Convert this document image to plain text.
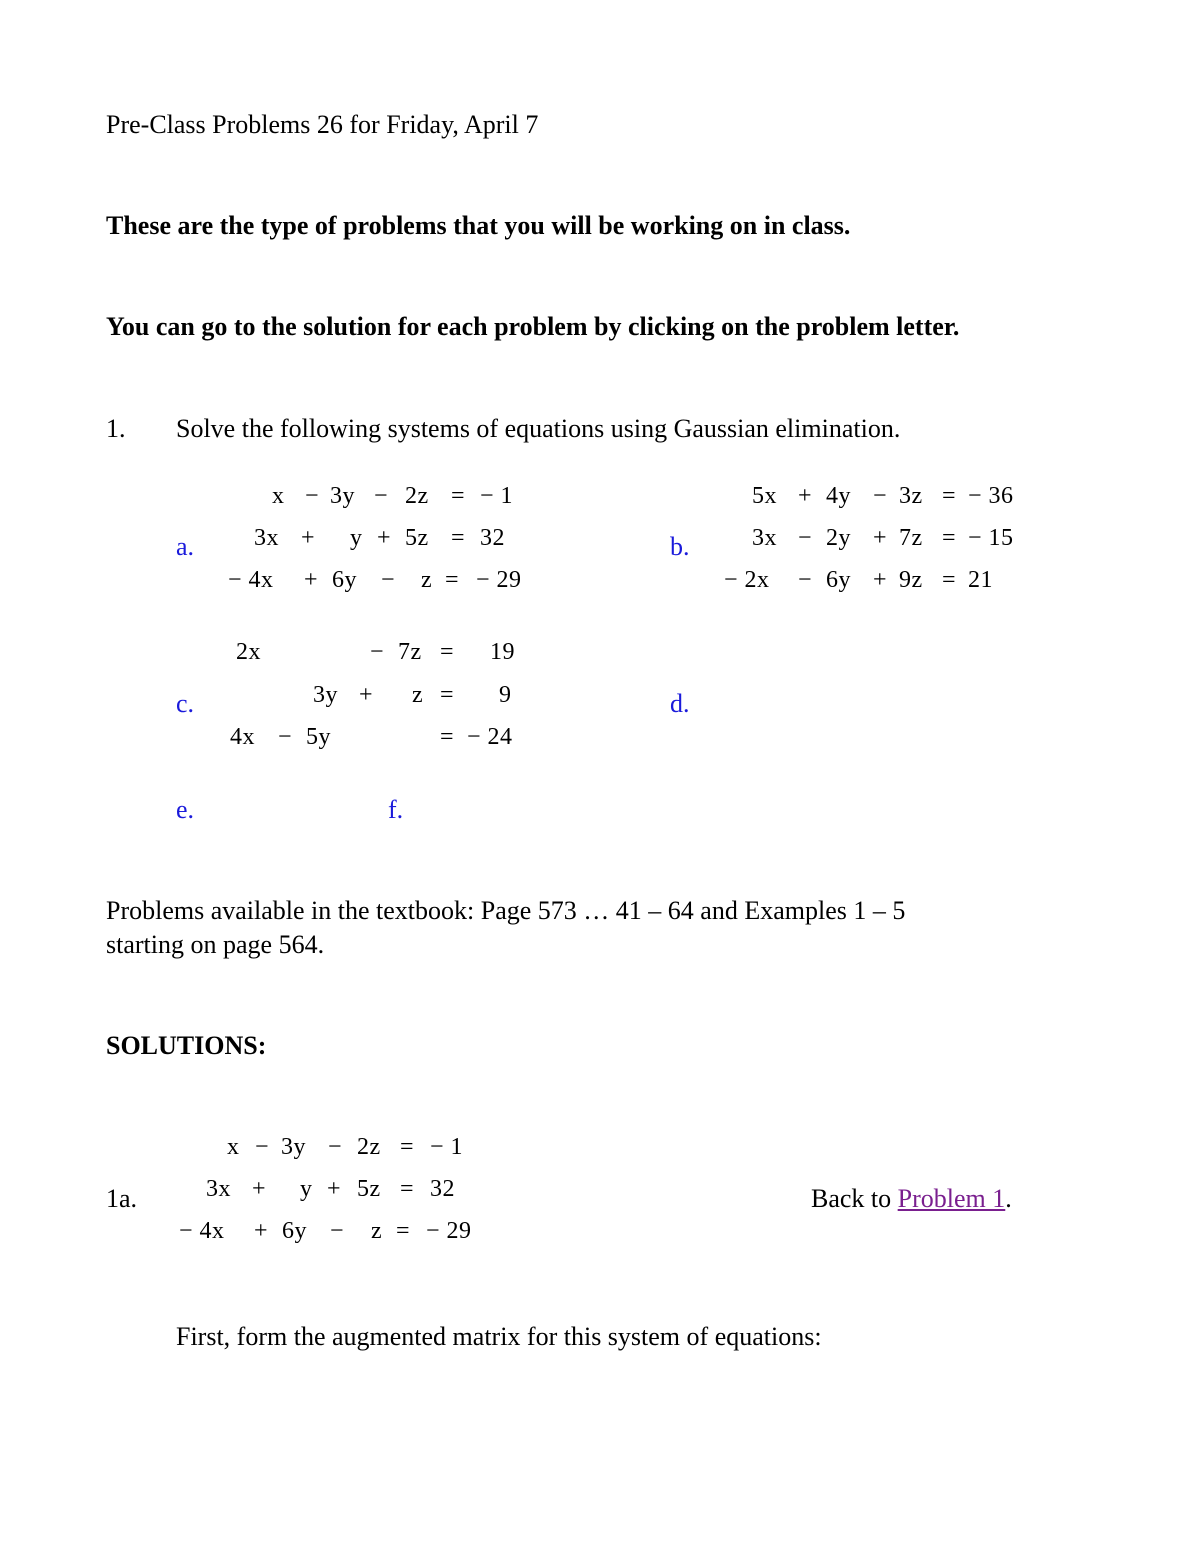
Pre-Class Problems 26 for Friday, April 7
These are the type of problems that you will be working on in class.
You can go to the solution for each problem by clicking on the problem letter.
1. Solve the following systems of equations using Gaussian elimination.
a.	b.
c.	d.
e.	f.
x − 3y − 2z = − 1
3x + y + 5z = 32
− 4x + 6y − z = − 29
5x + 4y − 3z = − 36
3x − 2y + 7z = − 15
− 2x − 6y + 9z = 21
2x	− 7z = 19
3y + z = 9
4x − 5y	= − 24
Problems available in the textbook: Page 573 … 41 – 64 and Examples 1 – 5
starting on page 564.
SOLUTIONS:
1a.
x − 3y − 2z = − 1
3x + y + 5z = 32
− 4x + 6y − z = − 29
Back to Problem 1.
First, form the augmented matrix for this system of equations:
